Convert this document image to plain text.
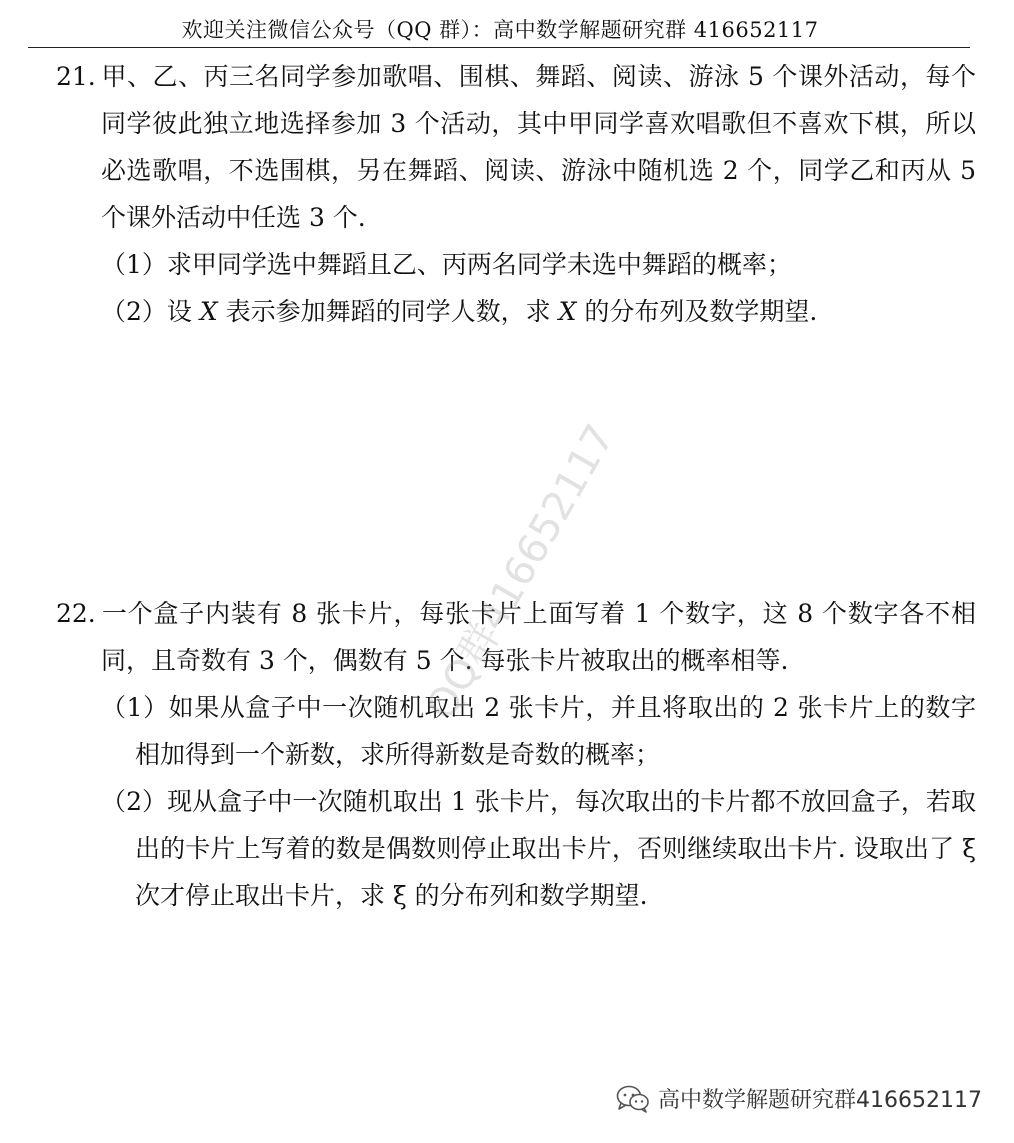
欢迎关注微信公众号（QQ 群）：高中数学解题研究群 416652117
21. 甲、乙、丙三名同学参加歌唱、围棋、舞蹈、阅读、游泳 5 个课外活动，每个同学彼此独立地选择参加 3 个活动，其中甲同学喜欢唱歌但不喜欢下棋，所以必选歌唱，不选围棋，另在舞蹈、阅读、游泳中随机选 2 个，同学乙和丙从 5 个课外活动中任选 3 个.
（1）求甲同学选中舞蹈且乙、丙两名同学未选中舞蹈的概率；
（2）设 X 表示参加舞蹈的同学人数，求 X 的分布列及数学期望.
22. 一个盒子内装有 8 张卡片，每张卡片上面写着 1 个数字，这 8 个数字各不相同，且奇数有 3 个，偶数有 5 个. 每张卡片被取出的概率相等.
（1）如果从盒子中一次随机取出 2 张卡片，并且将取出的 2 张卡片上的数字相加得到一个新数，求所得新数是奇数的概率；
（2）现从盒子中一次随机取出 1 张卡片，每次取出的卡片都不放回盒子，若取出的卡片上写着的数是偶数则停止取出卡片，否则继续取出卡片. 设取出了 ξ 次才停止取出卡片，求 ξ 的分布列和数学期望.
QQ群416652117
高中数学解题研究群416652117
